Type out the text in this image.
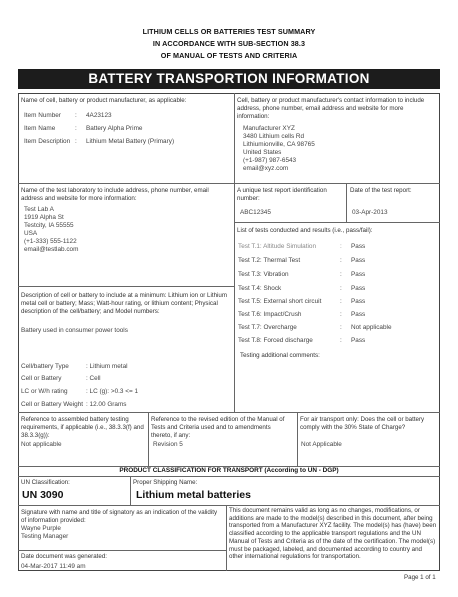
LITHIUM CELLS OR BATTERIES TEST SUMMARY
IN ACCORDANCE WITH SUB-SECTION 38.3
OF MANUAL OF TESTS AND CRITERIA
BATTERY TRANSPORTION INFORMATION
Name of cell, battery or product manufacturer, as applicable:
Item Number : 4A23123
Item Name	: Battery Alpha Prime
Item Description : Lithium Metal Battery (Primary)
Cell, battery or product manufacturer's contact information to include address, phone number, email address and website for more information:
Manufacturer XYZ
3480 Lithium cells Rd
Lithiumionville, CA 98765
United States
(+1-987) 987-6543
email@xyz.com
Name of the test laboratory to include address, phone number, email address and website for more information:
Test Lab A
1919 Alpha St
Testcity, IA 55555
USA
(+1-333) 555-1122
email@testlab.com
A unique test report identification number:
ABC12345
Date of the test report:
03-Apr-2013
List of tests conducted and results (i.e., pass/fail):
Test T.1: Altitude Simulation	: Pass
Test T.2: Thermal Test	: Pass
Test T.3: Vibration	: Pass
Test T.4: Shock	: Pass
Test T.5: External short circuit	: Pass
Test T.6: Impact/Crush	: Pass
Test T.7: Overcharge	: Not applicable
Test T.8: Forced discharge	: Pass
Testing additional comments:
Description of cell or battery to include at a minimum: Lithium ion or Lithium metal cell or battery; Mass; Watt-hour rating, or lithium content; Physical description of the cell/battery; and Model numbers:
Battery used in consumer power tools
Cell/battery Type	: Lithium metal
Cell or Battery	: Cell
LC or W/h rating	: LC (g): >0.3 <= 1
Cell or Battery Weight : 12.00 Grams
Reference to assembled battery testing requirements, if applicable (i.e., 38.3.3(f) and 38.3.3(g)):
Not applicable
Reference to the revised edition of the Manual of Tests and Criteria used and to amendments thereto, if any:
Revision 5
For air transport only: Does the cell or battery comply with the 30% State of Charge?
Not Applicable
PRODUCT CLASSIFICATION FOR TRANSPORT (According to UN - DGP)
UN Classification:
UN 3090
Proper Shipping Name:
Lithium metal batteries
Signature with name and title of signatory as an indication of the validity of information provided:
Wayne Purple
Testing Manager
Date document was generated:
04-Mar-2017 11:49 am
This document remains valid as long as no changes, modifications, or additions are made to the model(s) described in this document, after being transported from a Manufacturer XYZ facility. The model(s) has (have) been classified according to the applicable transport regulations and the UN Manual of Tests and Criteria as of the date of the certification. The model(s) must be packaged, labeled, and documented according to country and other international regulations for transportation.
Page 1 of 1
